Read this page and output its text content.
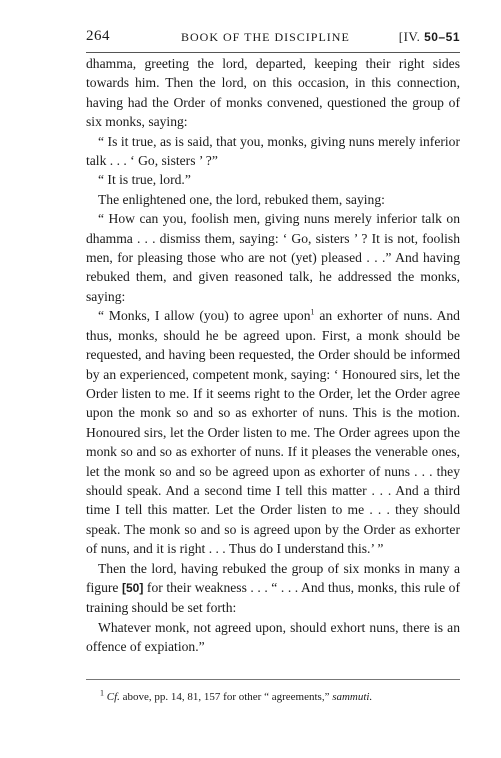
264	BOOK OF THE DISCIPLINE	[IV. 50–51

dhamma, greeting the lord, departed, keeping their right sides towards him. Then the lord, on this occasion, in this connection, having had the Order of monks convened, questioned the group of six monks, saying:

“ Is it true, as is said, that you, monks, giving nuns merely inferior talk . . . ‘ Go, sisters ’ ?”

“ It is true, lord.”

The enlightened one, the lord, rebuked them, saying:

“ How can you, foolish men, giving nuns merely inferior talk on dhamma . . . dismiss them, saying: ‘ Go, sisters ’ ? It is not, foolish men, for pleasing those who are not (yet) pleased . . .” And having rebuked them, and given reasoned talk, he addressed the monks, saying:

“ Monks, I allow (you) to agree upon$^1$ an exhorter of nuns. And thus, monks, should he be agreed upon. First, a monk should be requested, and having been requested, the Order should be informed by an experienced, competent monk, saying: ‘ Honoured sirs, let the Order listen to me. If it seems right to the Order, let the Order agree upon the monk so and so as exhorter of nuns. This is the motion. Honoured sirs, let the Order listen to me. The Order agrees upon the monk so and so as exhorter of nuns. If it pleases the venerable ones, let the monk so and so be agreed upon as exhorter of nuns . . . they should speak. And a second time I tell this matter . . . And a third time I tell this matter. Let the Order listen to me . . . they should speak. The monk so and so is agreed upon by the Order as exhorter of nuns, and it is right . . . Thus do I understand this.’ ”

Then the lord, having rebuked the group of six monks in many a figure [50] for their weakness . . . “ . . . And thus, monks, this rule of training should be set forth:

Whatever monk, not agreed upon, should exhort nuns, there is an offence of expiation.”

$^1$ Cf. above, pp. 14, 81, 157 for other “ agreements,” sammuti.
